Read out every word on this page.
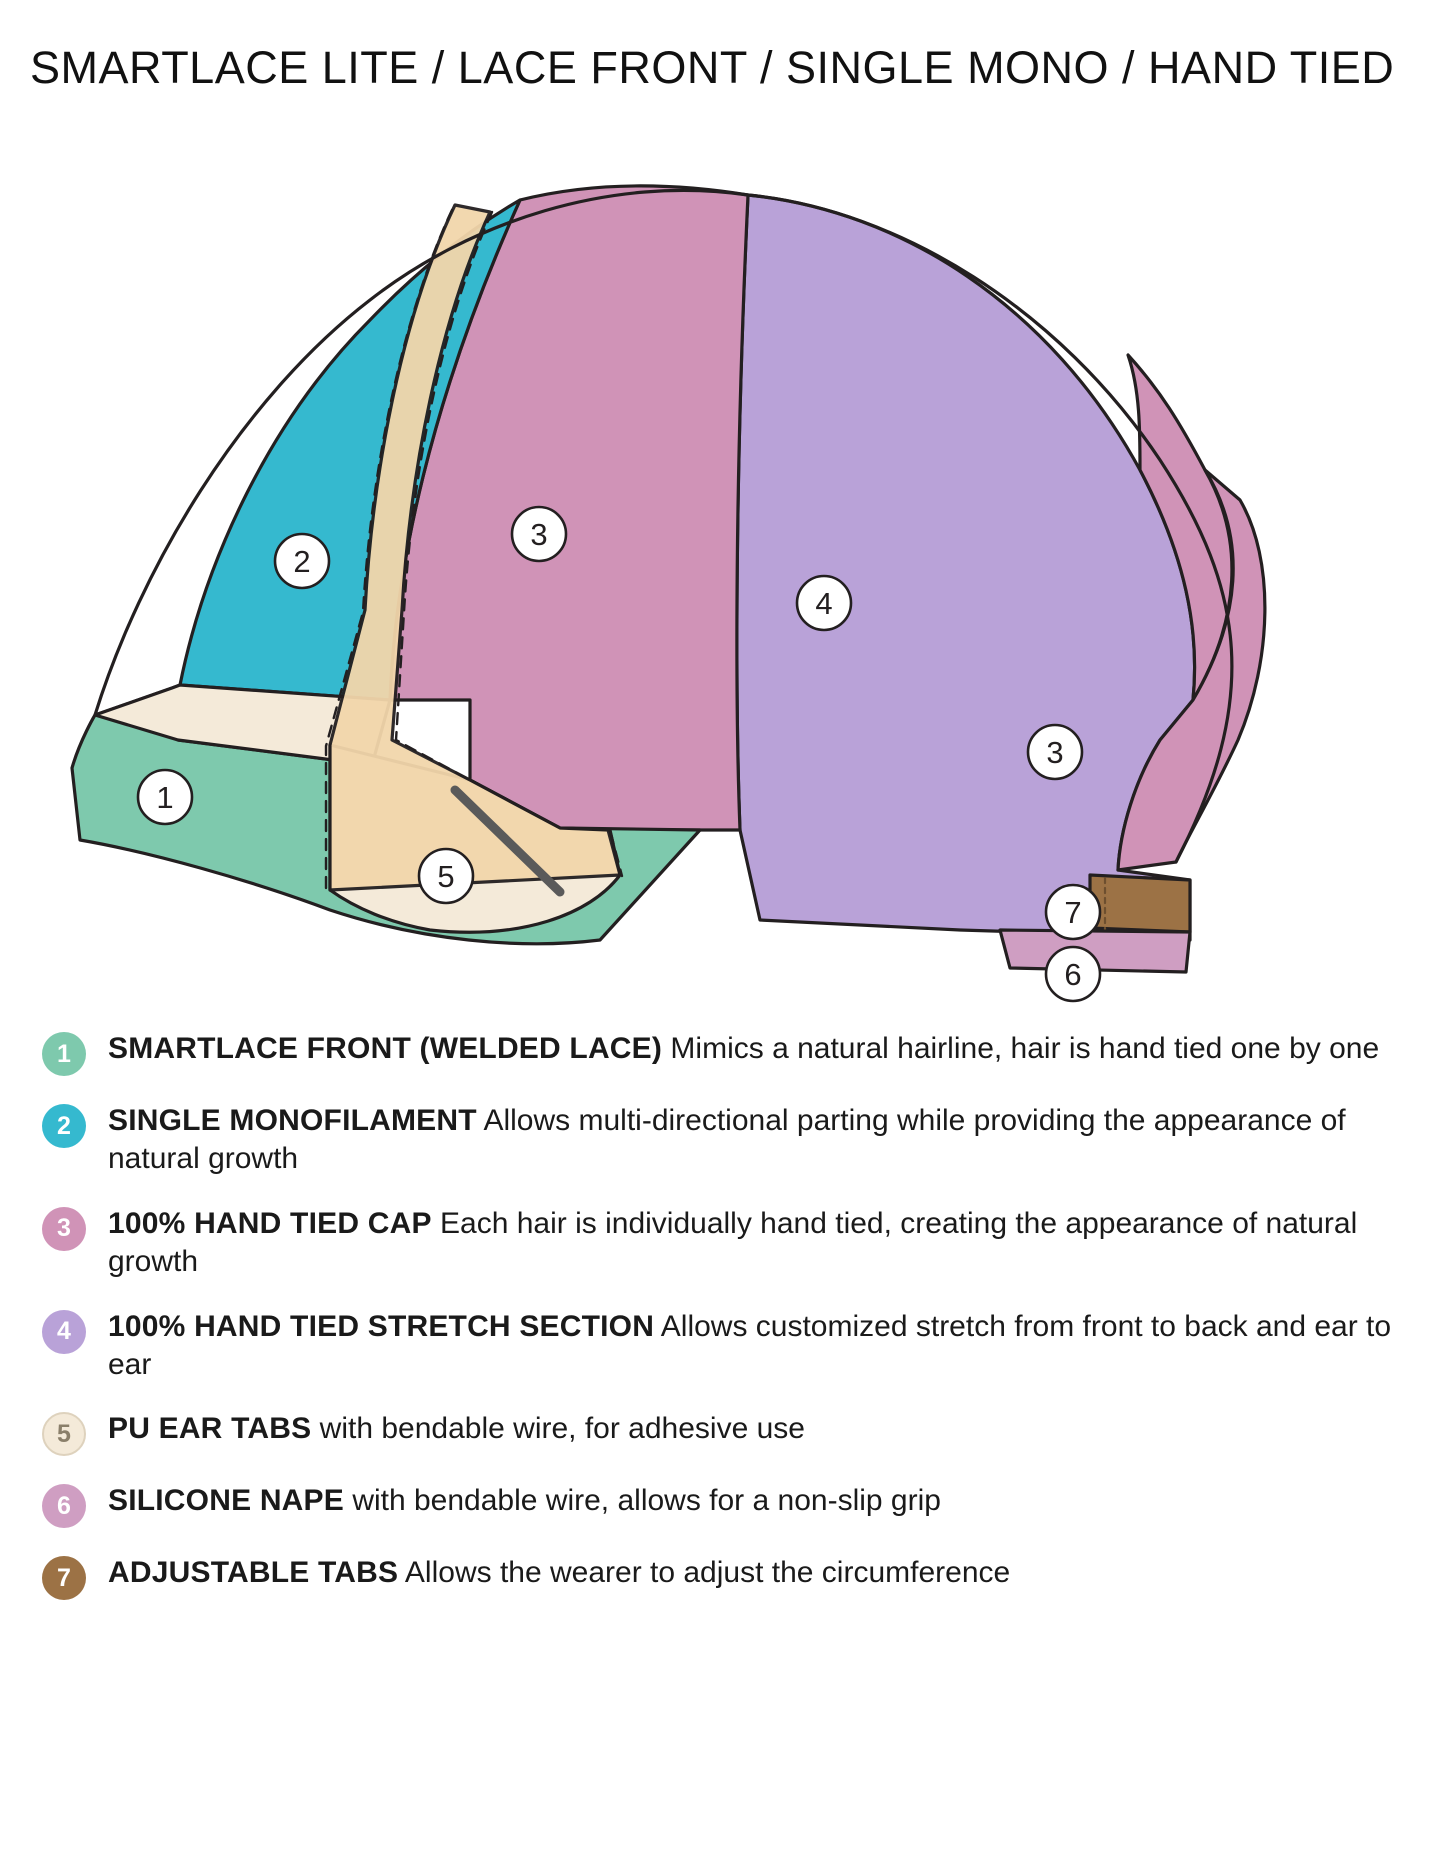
SMARTLACE LITE / LACE FRONT / SINGLE MONO / HAND TIED
1
2
3
4
3
5
7
6
1	SMARTLACE FRONT (WELDED LACE) Mimics a natural hairline, hair is hand tied one by one
2	SINGLE MONOFILAMENT Allows multi-directional parting while providing the appearance of natural growth
3	100% HAND TIED CAP Each hair is individually hand tied, creating the appearance of natural growth
4	100% HAND TIED STRETCH SECTION Allows customized stretch from front to back and ear to ear
5	PU EAR TABS with bendable wire, for adhesive use
6	SILICONE NAPE with bendable wire, allows for a non-slip grip
7	ADJUSTABLE TABS Allows the wearer to adjust the circumference
